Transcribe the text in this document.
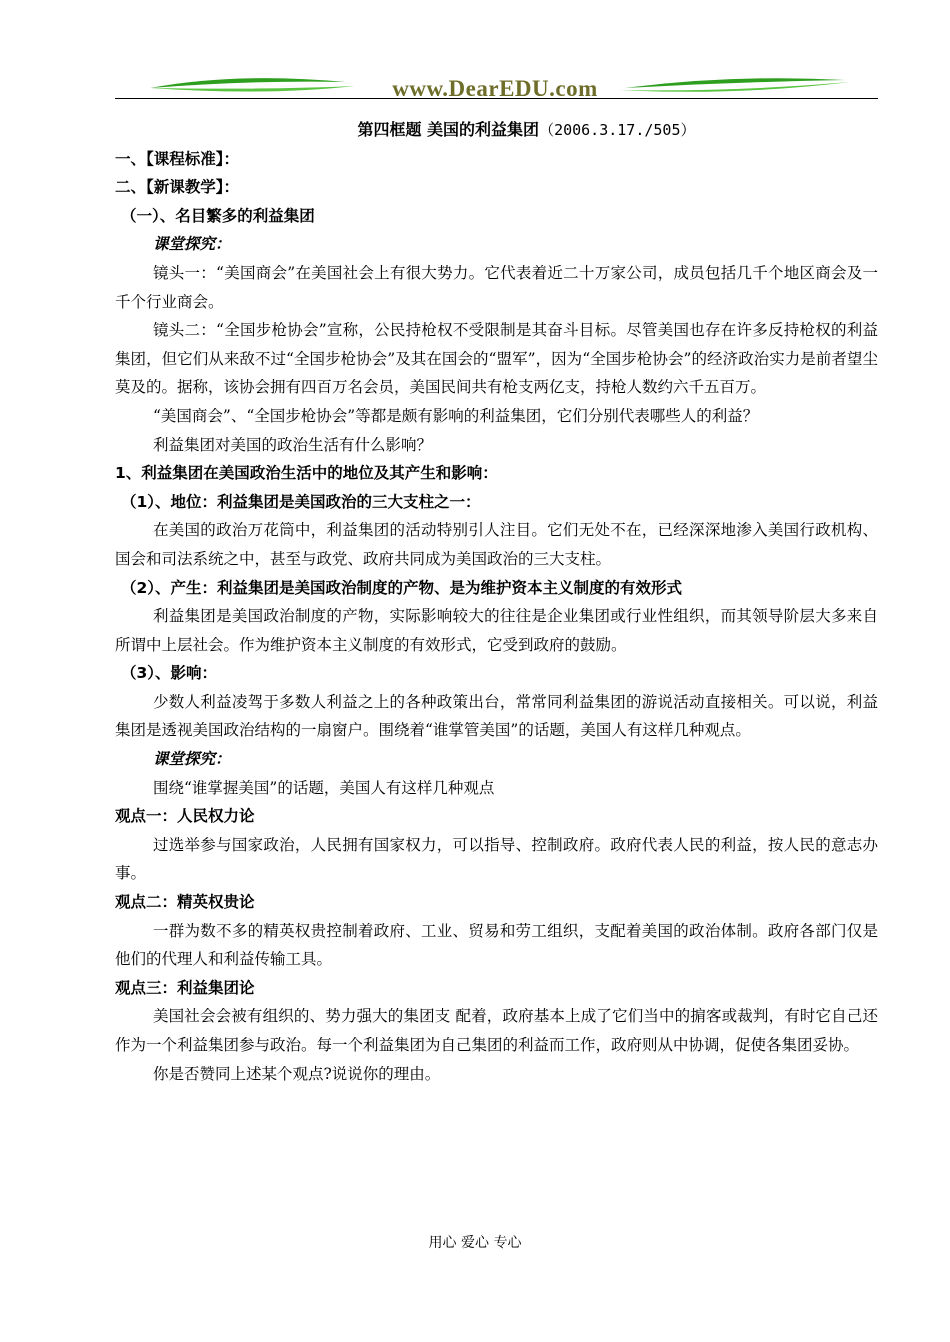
www.DearEDU.com

第四框题 美国的利益集团（2006.3.17./505）

一、【课程标准】：

二、【新课教学】：

（一）、名目繁多的利益集团

课堂探究：

镜头一：“美国商会”在美国社会上有很大势力。它代表着近二十万家公司，成员包括几千个地区商会及一千个行业商会。

镜头二：“全国步枪协会”宣称，公民持枪权不受限制是其奋斗目标。尽管美国也存在许多反持枪权的利益集团，但它们从来敌不过“全国步枪协会”及其在国会的“盟军”，因为“全国步枪协会”的经济政治实力是前者望尘莫及的。据称，该协会拥有四百万名会员，美国民间共有枪支两亿支，持枪人数约六千五百万。

“美国商会”、“全国步枪协会”等都是颇有影响的利益集团，它们分别代表哪些人的利益？

利益集团对美国的政治生活有什么影响？

1、利益集团在美国政治生活中的地位及其产生和影响：

（1）、地位：利益集团是美国政治的三大支柱之一：

在美国的政治万花筒中，利益集团的活动特别引人注目。它们无处不在，已经深深地渗入美国行政机构、国会和司法系统之中，甚至与政党、政府共同成为美国政治的三大支柱。

（2）、产生：利益集团是美国政治制度的产物、是为维护资本主义制度的有效形式

利益集团是美国政治制度的产物，实际影响较大的往往是企业集团或行业性组织，而其领导阶层大多来自所谓中上层社会。作为维护资本主义制度的有效形式，它受到政府的鼓励。

（3）、影响：

少数人利益凌驾于多数人利益之上的各种政策出台，常常同利益集团的游说活动直接相关。可以说，利益集团是透视美国政治结构的一扇窗户。围绕着“谁掌管美国”的话题，美国人有这样几种观点。

课堂探究：

围绕“谁掌握美国”的话题，美国人有这样几种观点

观点一：人民权力论

过选举参与国家政治，人民拥有国家权力，可以指导、控制政府。政府代表人民的利益，按人民的意志办事。

观点二：精英权贵论

一群为数不多的精英权贵控制着政府、工业、贸易和劳工组织，支配着美国的政治体制。政府各部门仅是他们的代理人和利益传输工具。

观点三：利益集团论

美国社会会被有组织的、势力强大的集团支 配着，政府基本上成了它们当中的掮客或裁判，有时它自己还作为一个利益集团参与政治。每一个利益集团为自己集团的利益而工作，政府则从中协调，促使各集团妥协。

你是否赞同上述某个观点?说说你的理由。

用心 爱心 专心
